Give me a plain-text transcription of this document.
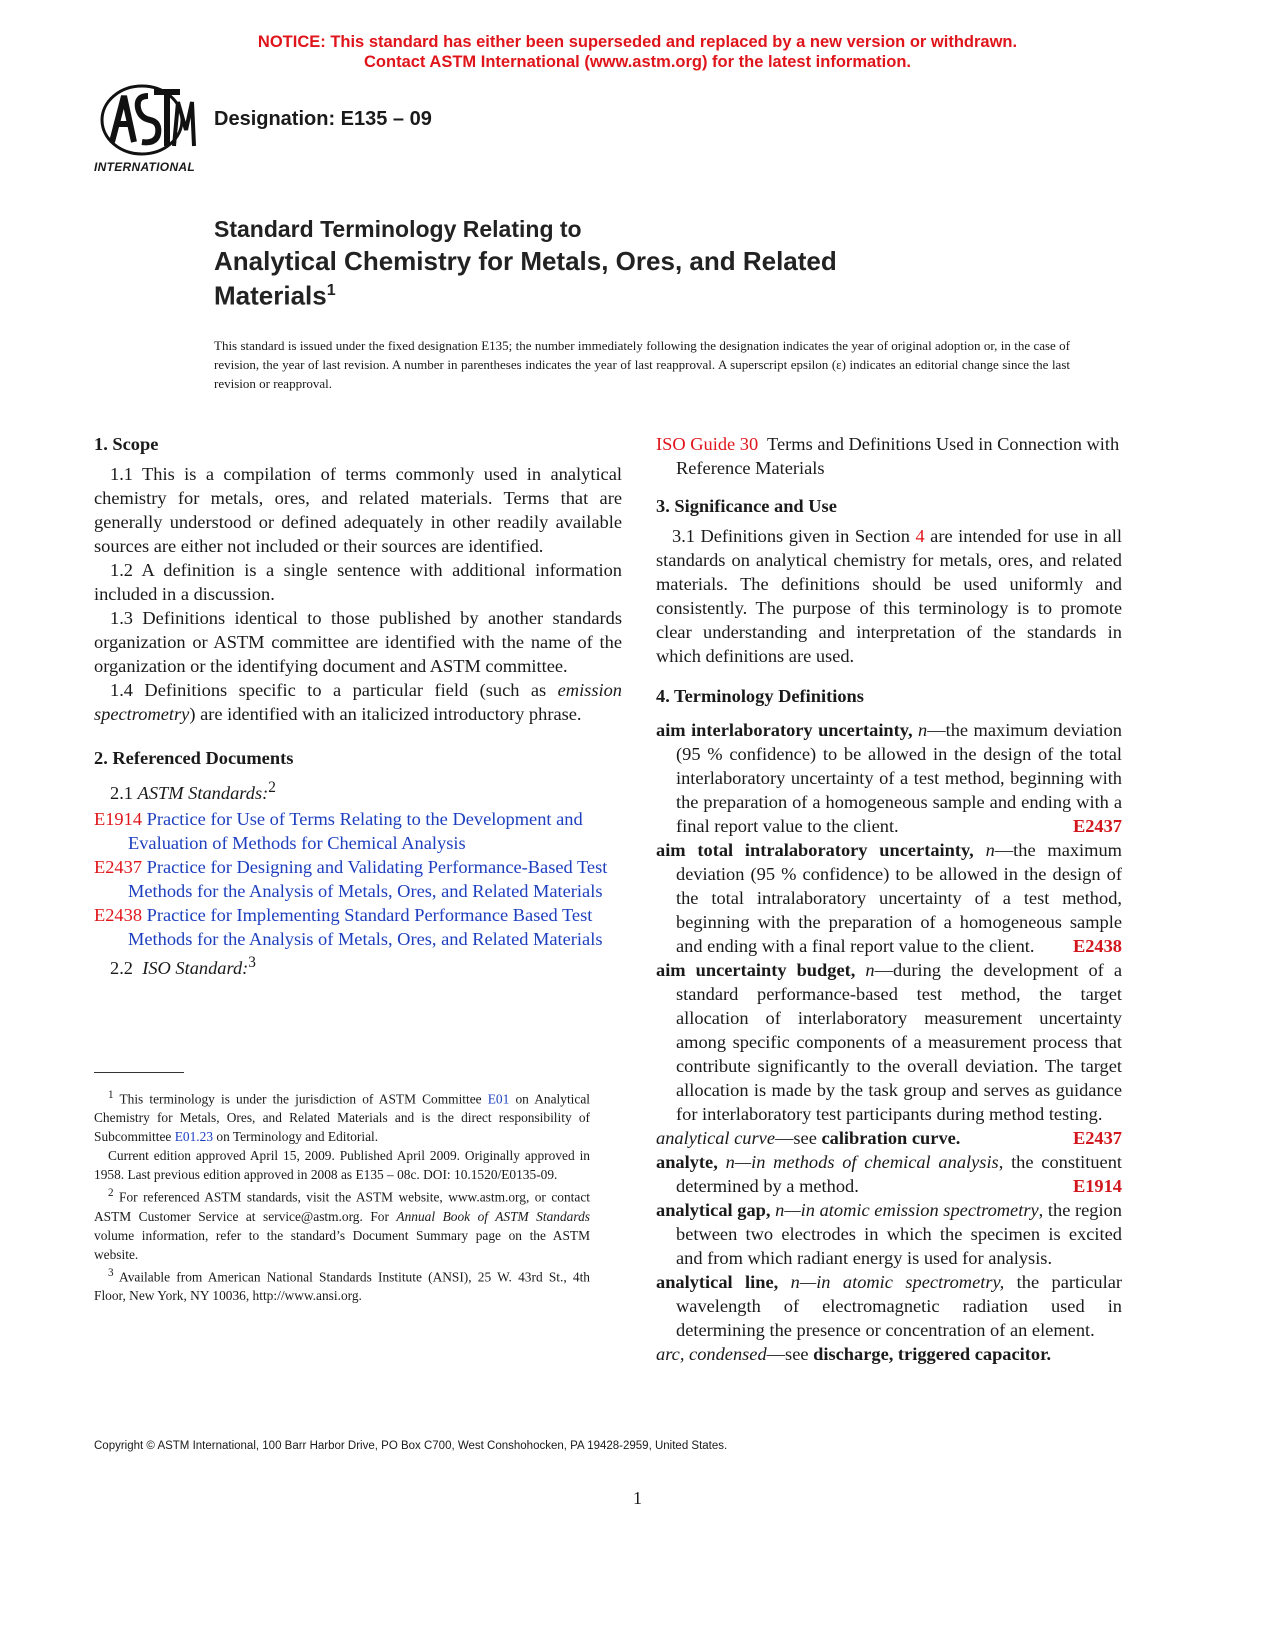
NOTICE: This standard has either been superseded and replaced by a new version or withdrawn.
Contact ASTM International (www.astm.org) for the latest information.
INTERNATIONAL
Designation: E135 – 09
Standard Terminology Relating to
Analytical Chemistry for Metals, Ores, and Related
Materials$^1$
This standard is issued under the fixed designation E135; the number immediately following the designation indicates the year of original adoption or, in the case of revision, the year of last revision. A number in parentheses indicates the year of last reapproval. A superscript epsilon (ε) indicates an editorial change since the last revision or reapproval.
1. Scope

1.1 This is a compilation of terms commonly used in analytical chemistry for metals, ores, and related materials. Terms that are generally understood or defined adequately in other readily available sources are either not included or their sources are identified.

1.2 A definition is a single sentence with additional information included in a discussion.

1.3 Definitions identical to those published by another standards organization or ASTM committee are identified with the name of the organization or the identifying document and ASTM committee.

1.4 Definitions specific to a particular field (such as emission spectrometry) are identified with an italicized introductory phrase.

2. Referenced Documents

2.1 ASTM Standards:$^2$

E1914 Practice for Use of Terms Relating to the Development and Evaluation of Methods for Chemical Analysis

E2437 Practice for Designing and Validating Performance-Based Test Methods for the Analysis of Metals, Ores, and Related Materials

E2438 Practice for Implementing Standard Performance Based Test Methods for the Analysis of Metals, Ores, and Related Materials

2.2 ISO Standard:$^3$

$^1$ This terminology is under the jurisdiction of ASTM Committee E01 on Analytical Chemistry for Metals, Ores, and Related Materials and is the direct responsibility of Subcommittee E01.23 on Terminology and Editorial.

Current edition approved April 15, 2009. Published April 2009. Originally approved in 1958. Last previous edition approved in 2008 as E135 – 08c. DOI: 10.1520/E0135-09.

$^2$ For referenced ASTM standards, visit the ASTM website, www.astm.org, or contact ASTM Customer Service at service@astm.org. For Annual Book of ASTM Standards volume information, refer to the standard’s Document Summary page on the ASTM website.

$^3$ Available from American National Standards Institute (ANSI), 25 W. 43rd St., 4th Floor, New York, NY 10036, http://www.ansi.org.

ISO Guide 30 Terms and Definitions Used in Connection with Reference Materials

3. Significance and Use

3.1 Definitions given in Section 4 are intended for use in all standards on analytical chemistry for metals, ores, and related materials. The definitions should be used uniformly and consistently. The purpose of this terminology is to promote clear understanding and interpretation of the standards in which definitions are used.

4. Terminology Definitions

aim interlaboratory uncertainty, n—the maximum deviation (95 % confidence) to be allowed in the design of the total interlaboratory uncertainty of a test method, beginning with the preparation of a homogeneous sample and ending with a final report value to the client.	E2437

aim total intralaboratory uncertainty, n—the maximum deviation (95 % confidence) to be allowed in the design of the total intralaboratory uncertainty of a test method, beginning with the preparation of a homogeneous sample and ending with a final report value to the client. E2438

aim uncertainty budget, n—during the development of a standard performance-based test method, the target allocation of interlaboratory measurement uncertainty among specific components of a measurement process that contribute significantly to the overall deviation. The target allocation is made by the task group and serves as guidance for interlaboratory test participants during method testing.
E2437

analytical curve—see calibration curve.

analyte, n—in methods of chemical analysis, the constituent determined by a method.	E1914

analytical gap, n—in atomic emission spectrometry, the region between two electrodes in which the specimen is excited and from which radiant energy is used for analysis.

analytical line, n—in atomic spectrometry, the particular wavelength of electromagnetic radiation used in determining the presence or concentration of an element.

arc, condensed—see discharge, triggered capacitor.

Copyright © ASTM International, 100 Barr Harbor Drive, PO Box C700, West Conshohocken, PA 19428-2959, United States.
1
